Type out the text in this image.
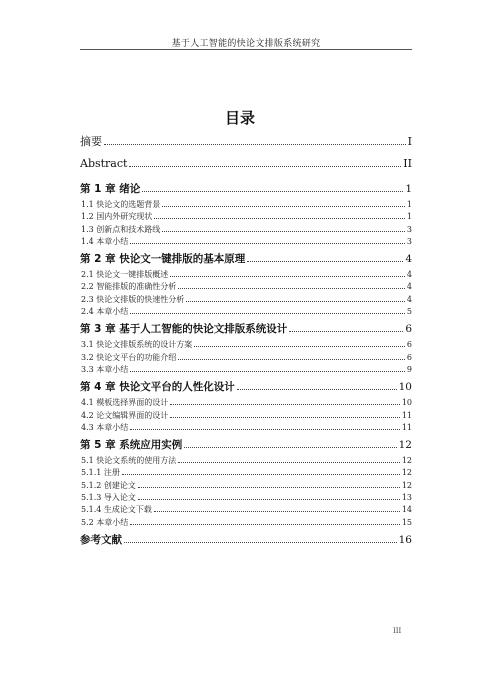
基于人工智能的快论文排版系统研究
目录
摘要	I
Abstract	II
第 1 章 绪论	1
1.1 快论文的选题背景	1
1.2 国内外研究现状	1
1.3 创新点和技术路线	3
1.4 本章小结	3
第 2 章 快论文一键排版的基本原理	4
2.1 快论文一键排版概述	4
2.2 智能排版的准确性分析	4
2.3 快论文排版的快速性分析	4
2.4 本章小结	5
第 3 章 基于人工智能的快论文排版系统设计	6
3.1 快论文排版系统的设计方案	6
3.2 快论文平台的功能介绍	6
3.3 本章小结	9
第 4 章 快论文平台的人性化设计	10
4.1 模板选择界面的设计	10
4.2 论文编辑界面的设计	11
4.3 本章小结	11
第 5 章 系统应用实例	12
5.1 快论文系统的使用方法	12
5.1.1 注册	12
5.1.2 创建论文	12
5.1.3 导入论文	13
5.1.4 生成论文下载	14
5.2 本章小结	15
参考文献	16
III
